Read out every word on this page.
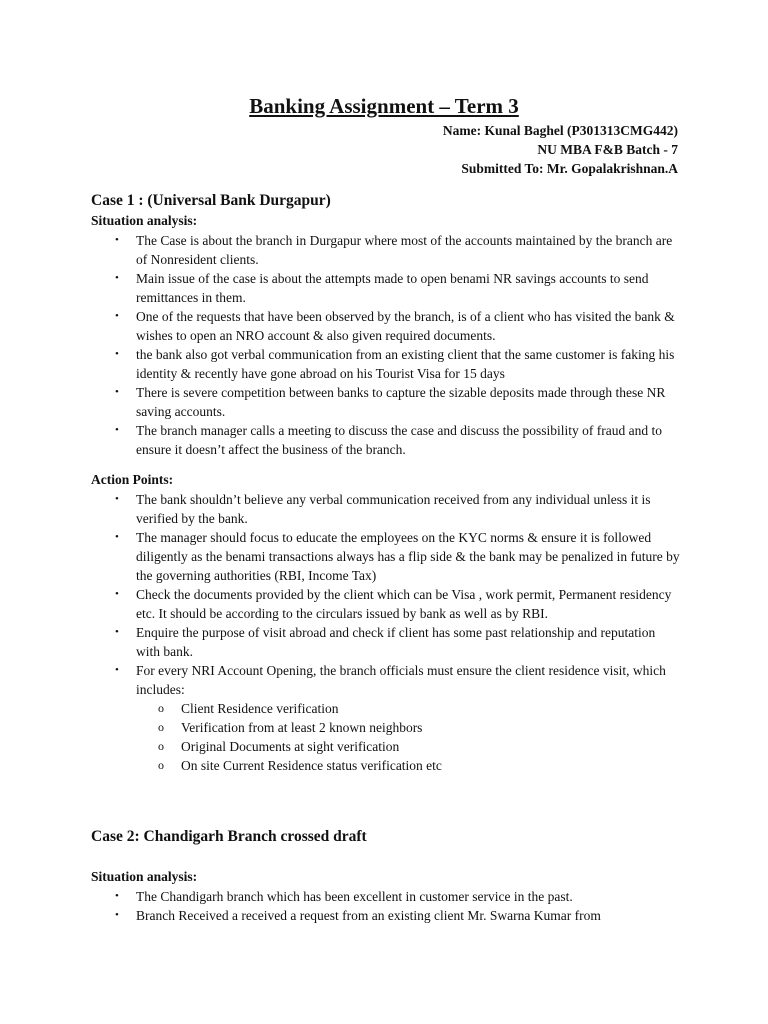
Banking Assignment – Term 3
Name: Kunal Baghel (P301313CMG442)
NU MBA F&B Batch - 7
Submitted To: Mr. Gopalakrishnan.A
Case 1 : (Universal Bank Durgapur)
Situation analysis:
• The Case is about the branch in Durgapur where most of the accounts maintained by the branch are of Nonresident clients.
• Main issue of the case is about the attempts made to open benami NR savings accounts to send remittances in them.
• One of the requests that have been observed by the branch, is of a client who has visited the bank & wishes to open an NRO account & also given required documents.
• the bank also got verbal communication from an existing client that the same customer is faking his identity & recently have gone abroad on his Tourist Visa for 15 days
• There is severe competition between banks to capture the sizable deposits made through these NR saving accounts.
• The branch manager calls a meeting to discuss the case and discuss the possibility of fraud and to ensure it doesn’t affect the business of the branch.
Action Points:
• The bank shouldn’t believe any verbal communication received from any individual unless it is verified by the bank.
• The manager should focus to educate the employees on the KYC norms & ensure it is followed diligently as the benami transactions always has a flip side & the bank may be penalized in future by the governing authorities (RBI, Income Tax)
• Check the documents provided by the client which can be Visa , work permit, Permanent residency etc. It should be according to the circulars issued by bank as well as by RBI.
• Enquire the purpose of visit abroad and check if client has some past relationship and reputation with bank.
• For every NRI Account Opening, the branch officials must ensure the client residence visit, which includes:
o Client Residence verification
o Verification from at least 2 known neighbors
o Original Documents at sight verification
o On site Current Residence status verification etc
Case 2: Chandigarh Branch crossed draft
Situation analysis:
• The Chandigarh branch which has been excellent in customer service in the past.
• Branch Received a received a request from an existing client Mr. Swarna Kumar from
